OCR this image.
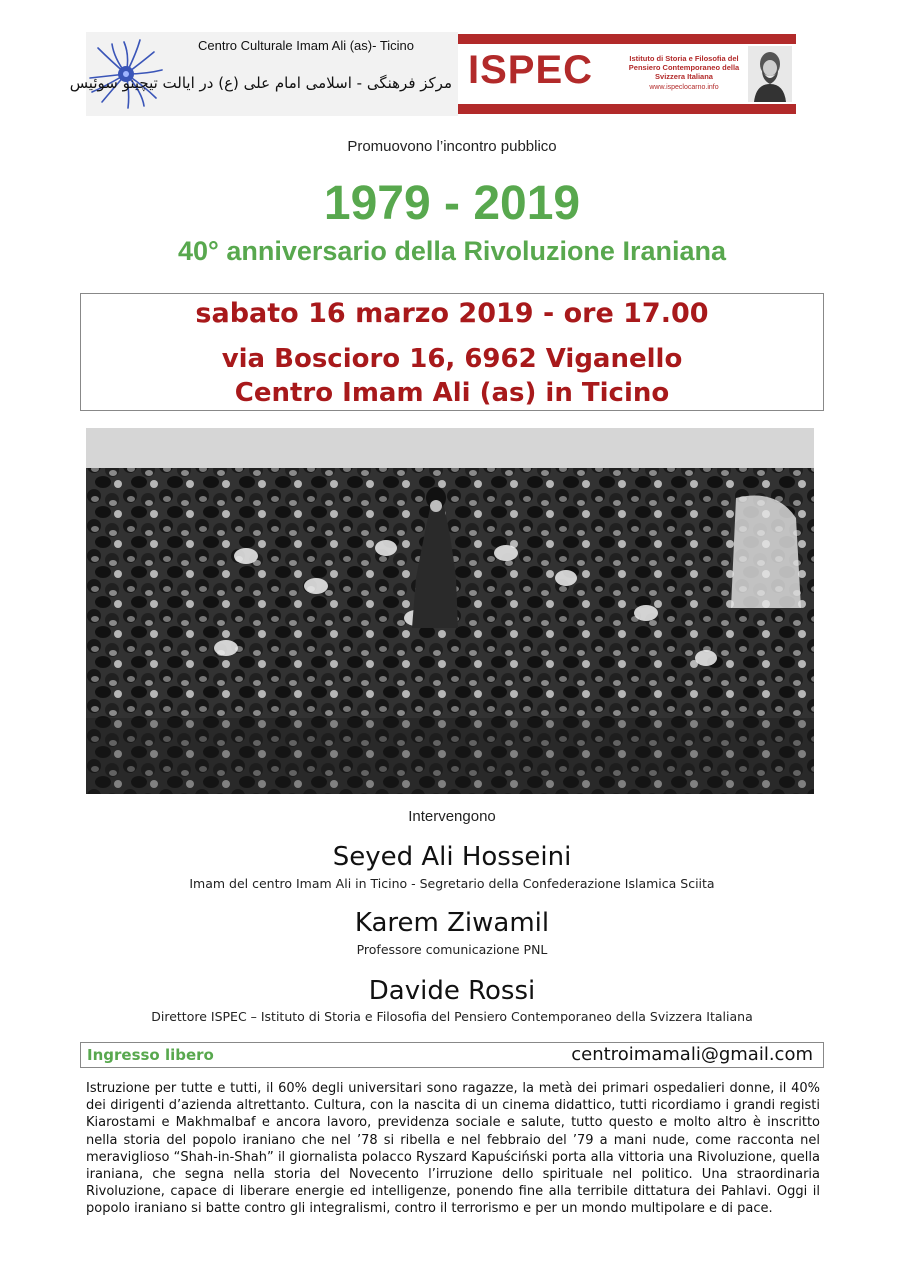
Centro Culturale Imam Ali (as)- Ticino
مرکز فرهنگی - اسلامی امام علی (ع) در ایالت تیچینو سوئیس ISPEC	Istituto di Storia e Filosofia del Pensiero Contemporaneo della Svizzera Italiana
www.ispeclocarno.info
Promuovono l’incontro pubblico
1979 - 2019
40° anniversario della Rivoluzione Iraniana
sabato 16 marzo 2019 - ore 17.00
via Boscioro 16, 6962 Viganello
Centro Imam Ali (as) in Ticino
Intervengono
Seyed Ali Hosseini
Imam del centro Imam Ali in Ticino - Segretario della Confederazione Islamica Sciita
Karem Ziwamil
Professore comunicazione PNL
Davide Rossi
Direttore ISPEC – Istituto di Storia e Filosofia del Pensiero Contemporaneo della Svizzera Italiana
Ingresso libero	centroimamali@gmail.com
Istruzione per tutte e tutti, il 60% degli universitari sono ragazze, la metà dei primari ospedalieri donne, il 40% dei dirigenti d’azienda altrettanto. Cultura, con la nascita di un cinema didattico, tutti ricordiamo i grandi registi Kiarostami e Makhmalbaf e ancora lavoro, previdenza sociale e salute, tutto questo e molto altro è inscritto nella storia del popolo iraniano che nel ’78 si ribella e nel febbraio del ’79 a mani nude, come racconta nel meraviglioso “Shah-in-Shah” il giornalista polacco Ryszard Kapuściński porta alla vittoria una Rivoluzione, quella iraniana, che segna nella storia del Novecento l’irruzione dello spirituale nel politico. Una straordinaria Rivoluzione, capace di liberare energie ed intelligenze, ponendo fine alla terribile dittatura dei Pahlavi. Oggi il popolo iraniano si batte contro gli integralismi, contro il terrorismo e per un mondo multipolare e di pace.
